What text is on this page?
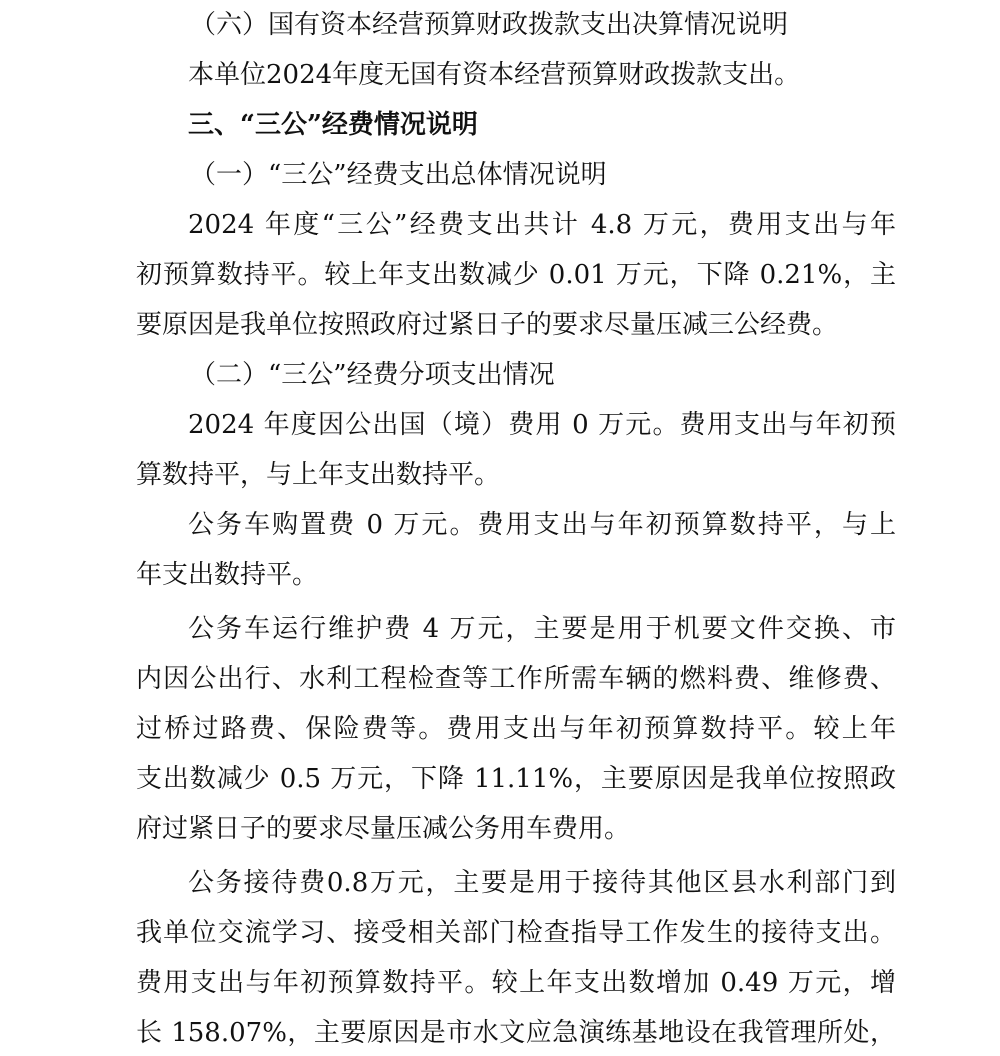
（六）国有资本经营预算财政拨款支出决算情况说明
本单位2024年度无国有资本经营预算财政拨款支出。
三、“三公”经费情况说明
（一）“三公”经费支出总体情况说明
2024 年度“三公”经费支出共计 4.8 万元，费用支出与年
初预算数持平。较上年支出数减少 0.01 万元，下降 0.21%，主
要原因是我单位按照政府过紧日子的要求尽量压减三公经费。
（二）“三公”经费分项支出情况
2024 年度因公出国（境）费用 0 万元。费用支出与年初预
算数持平，与上年支出数持平。
公务车购置费 0 万元。费用支出与年初预算数持平，与上
年支出数持平。
公务车运行维护费 4 万元，主要是用于机要文件交换、市
内因公出行、水利工程检查等工作所需车辆的燃料费、维修费、
过桥过路费、保险费等。费用支出与年初预算数持平。较上年
支出数减少 0.5 万元，下降 11.11%，主要原因是我单位按照政
府过紧日子的要求尽量压减公务用车费用。
公务接待费0.8万元，主要是用于接待其他区县水利部门到
我单位交流学习、接受相关部门检查指导工作发生的接待支出。
费用支出与年初预算数持平。较上年支出数增加 0.49 万元，增
长 158.07%，主要原因是市水文应急演练基地设在我管理所处，
